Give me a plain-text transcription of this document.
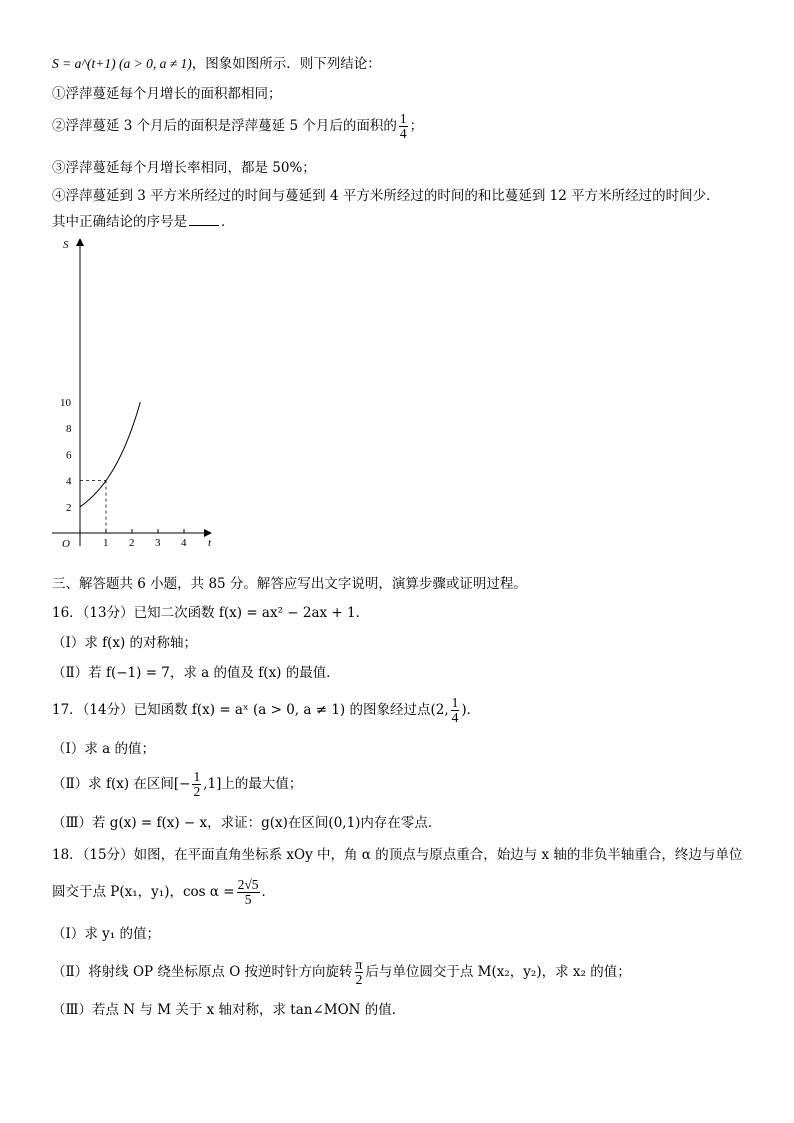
S = a^(t+1) (a > 0, a ≠ 1)，图象如图所示．则下列结论：
①浮萍蔓延每个月增长的面积都相同；
②浮萍蔓延 3 个月后的面积是浮萍蔓延 5 个月后的面积的 $\frac{1}{4}$ ；
③浮萍蔓延每个月增长率相同，都是 50%；
④浮萍蔓延到 3 平方米所经过的时间与蔓延到 4 平方米所经过的时间的和比蔓延到 12 平方米所经过的时间少．
其中正确结论的序号是	．
S
t
O	1 2 3 4
2
4
6
8
10
三、解答题共 6 小题，共 85 分。解答应写出文字说明，演算步骤或证明过程。
16．（13分）已知二次函数 f(x) = ax² − 2ax + 1．
（Ⅰ）求 f(x) 的对称轴；
（Ⅱ）若 f(−1) = 7，求 a 的值及 f(x) 的最值．
17．（14分）已知函数 f(x) = aˣ (a > 0, a ≠ 1) 的图象经过点(2, $\frac{1}{4}$ )．
（Ⅰ）求 a 的值；
（Ⅱ）求 f(x) 在区间[− $\frac{1}{2} ,1$]上的最大值；
（Ⅲ）若 g(x) = f(x) − x，求证：g(x)在区间(0,1)内存在零点．
18．（15分）如图，在平面直角坐标系 xOy 中，角 α 的顶点与原点重合，始边与 x 轴的非负半轴重合，终边与单位
圆交于点 P(x₁，y₁)，$\cos \alpha = \frac{2√5}{5}$ ．
（Ⅰ）求 y₁ 的值；
（Ⅱ）将射线 OP 绕坐标原点 O 按逆时针方向旋转 $\frac{\pi}{2}$ 后与单位圆交于点 M(x₂，y₂)，求 x₂ 的值；
（Ⅲ）若点 N 与 M 关于 x 轴对称，求 tan∠MON 的值．
